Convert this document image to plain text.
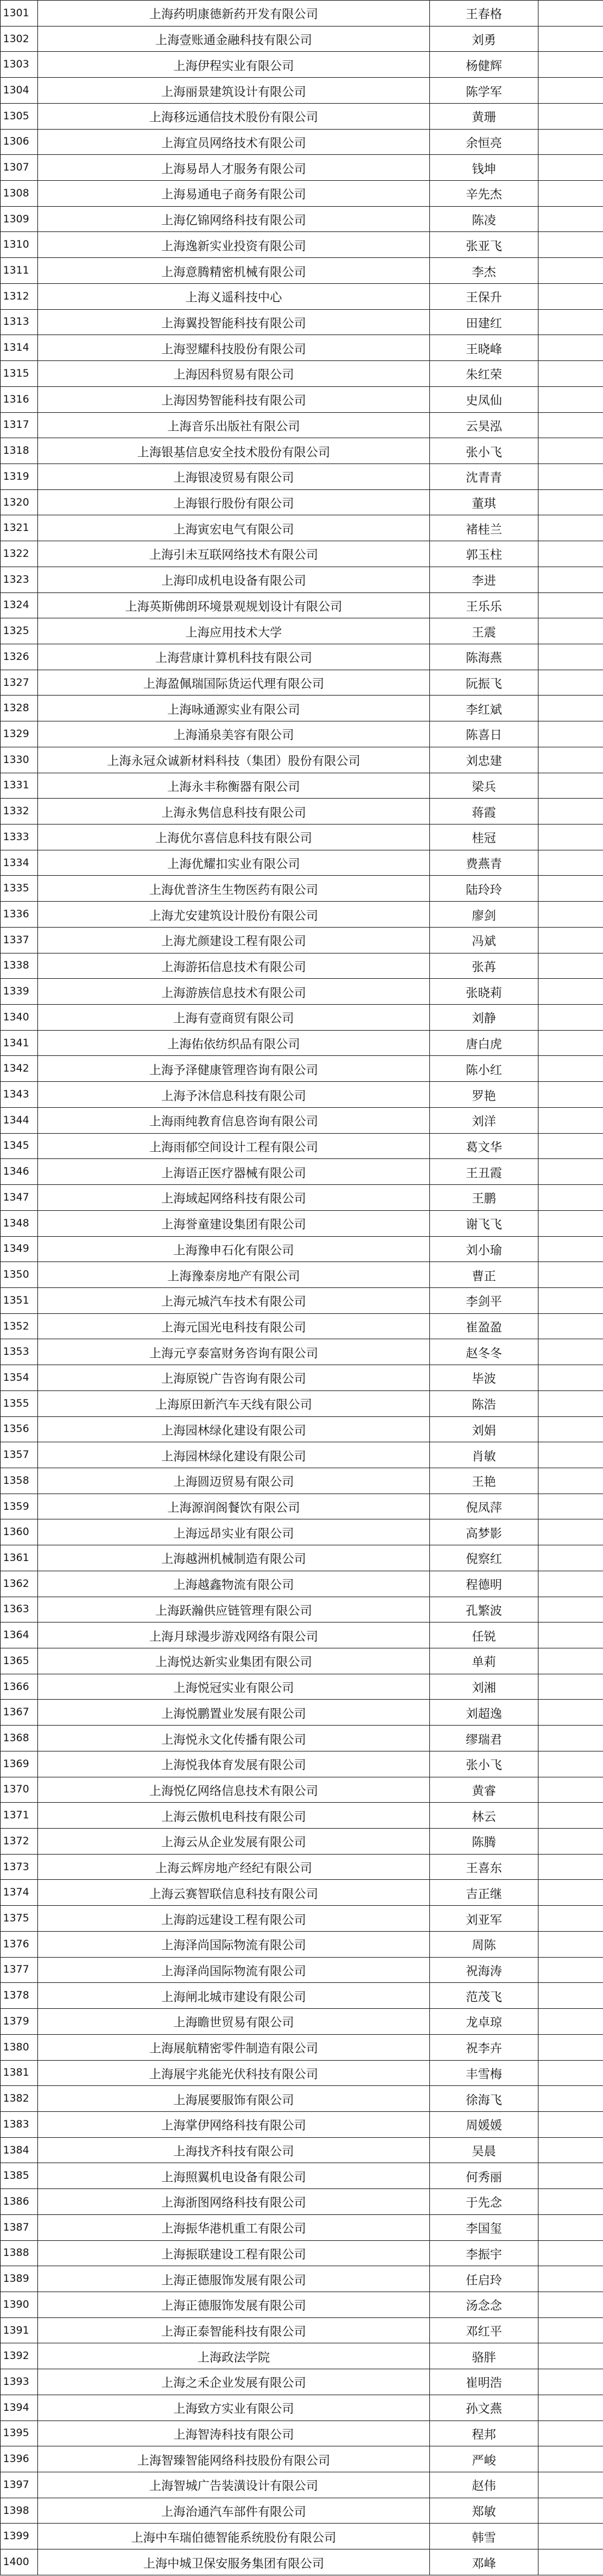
1301	上海药明康德新药开发有限公司	王春格	
1302	上海壹账通金融科技有限公司	刘勇	
1303	上海伊程实业有限公司	杨健辉	
1304	上海丽景建筑设计有限公司	陈学军	
1305	上海移远通信技术股份有限公司	黄珊	
1306	上海宜员网络技术有限公司	余恒亮	
1307	上海易昂人才服务有限公司	钱坤	
1308	上海易通电子商务有限公司	辛先杰	
1309	上海亿锦网络科技有限公司	陈凌	
1310	上海逸新实业投资有限公司	张亚飞	
1311	上海意腾精密机械有限公司	李杰	
1312	上海义遥科技中心	王保升	
1313	上海翼投智能科技有限公司	田建红	
1314	上海翌耀科技股份有限公司	王晓峰	
1315	上海因科贸易有限公司	朱红荣	
1316	上海因势智能科技有限公司	史凤仙	
1317	上海音乐出版社有限公司	云昊泓	
1318	上海银基信息安全技术股份有限公司	张小飞	
1319	上海银凌贸易有限公司	沈青青	
1320	上海银行股份有限公司	董琪	
1321	上海寅宏电气有限公司	褚桂兰	
1322	上海引未互联网络技术有限公司	郭玉柱	
1323	上海印成机电设备有限公司	李进	
1324	上海英斯佛朗环境景观规划设计有限公司	王乐乐	
1325	上海应用技术大学	王震	
1326	上海营康计算机科技有限公司	陈海燕	
1327	上海盈佩瑞国际货运代理有限公司	阮振飞	
1328	上海咏通源实业有限公司	李红斌	
1329	上海涌泉美容有限公司	陈喜日	
1330	上海永冠众诚新材料科技（集团）股份有限公司	刘忠建	
1331	上海永丰称衡器有限公司	梁兵	
1332	上海永隽信息科技有限公司	蒋霞	
1333	上海优尔喜信息科技有限公司	桂冠	
1334	上海优耀扣实业有限公司	费燕青	
1335	上海优普济生生物医药有限公司	陆玲玲	
1336	上海尤安建筑设计股份有限公司	廖剑	
1337	上海尤颜建设工程有限公司	冯斌	
1338	上海游拓信息技术有限公司	张苒	
1339	上海游族信息技术有限公司	张晓莉	
1340	上海有壹商贸有限公司	刘静	
1341	上海佑依纺织品有限公司	唐白虎	
1342	上海予泽健康管理咨询有限公司	陈小红	
1343	上海予沐信息科技有限公司	罗艳	
1344	上海雨纯教育信息咨询有限公司	刘洋	
1345	上海雨郁空间设计工程有限公司	葛文华	
1346	上海语正医疗器械有限公司	王丑霞	
1347	上海域起网络科技有限公司	王鹏	
1348	上海誉童建设集团有限公司	谢飞飞	
1349	上海豫申石化有限公司	刘小瑜	
1350	上海豫泰房地产有限公司	曹正	
1351	上海元城汽车技术有限公司	李剑平	
1352	上海元国光电科技有限公司	崔盈盈	
1353	上海元亨泰富财务咨询有限公司	赵冬冬	
1354	上海原锐广告咨询有限公司	毕波	
1355	上海原田新汽车天线有限公司	陈浩	
1356	上海园林绿化建设有限公司	刘娟	
1357	上海园林绿化建设有限公司	肖敏	
1358	上海圆迈贸易有限公司	王艳	
1359	上海源润阁餐饮有限公司	倪凤萍	
1360	上海远昂实业有限公司	高梦影	
1361	上海越洲机械制造有限公司	倪察红	
1362	上海越鑫物流有限公司	程德明	
1363	上海跃瀚供应链管理有限公司	孔繁波	
1364	上海月球漫步游戏网络有限公司	任锐	
1365	上海悦达新实业集团有限公司	单莉	
1366	上海悦冠实业有限公司	刘湘	
1367	上海悦鹏置业发展有限公司	刘超逸	
1368	上海悦永文化传播有限公司	缪瑞君	
1369	上海悦我体育发展有限公司	张小飞	
1370	上海悦亿网络信息技术有限公司	黄睿	
1371	上海云傲机电科技有限公司	林云	
1372	上海云从企业发展有限公司	陈腾	
1373	上海云辉房地产经纪有限公司	王喜东	
1374	上海云赛智联信息科技有限公司	吉正继	
1375	上海韵远建设工程有限公司	刘亚军	
1376	上海泽尚国际物流有限公司	周陈	
1377	上海泽尚国际物流有限公司	祝海涛	
1378	上海闸北城市建设有限公司	范茂飞	
1379	上海瞻世贸易有限公司	龙卓琼	
1380	上海展航精密零件制造有限公司	祝李卉	
1381	上海展宇兆能光伏科技有限公司	丰雪梅	
1382	上海展要服饰有限公司	徐海飞	
1383	上海掌伊网络科技有限公司	周媛媛	
1384	上海找齐科技有限公司	吴晨	
1385	上海照翼机电设备有限公司	何秀丽	
1386	上海浙图网络科技有限公司	于先念	
1387	上海振华港机重工有限公司	李国玺	
1388	上海振联建设工程有限公司	李振宇	
1389	上海正德服饰发展有限公司	任启玲	
1390	上海正德服饰发展有限公司	汤念念	
1391	上海正泰智能科技有限公司	邓红平	
1392	上海政法学院	骆胖	
1393	上海之禾企业发展有限公司	崔明浩	
1394	上海致方实业有限公司	孙文燕	
1395	上海智涛科技有限公司	程邦	
1396	上海智臻智能网络科技股份有限公司	严峻	
1397	上海智城广告装潢设计有限公司	赵伟	
1398	上海治通汽车部件有限公司	郑敏	
1399	上海中车瑞伯德智能系统股份有限公司	韩雪	
1400	上海中城卫保安服务集团有限公司	邓峰	
